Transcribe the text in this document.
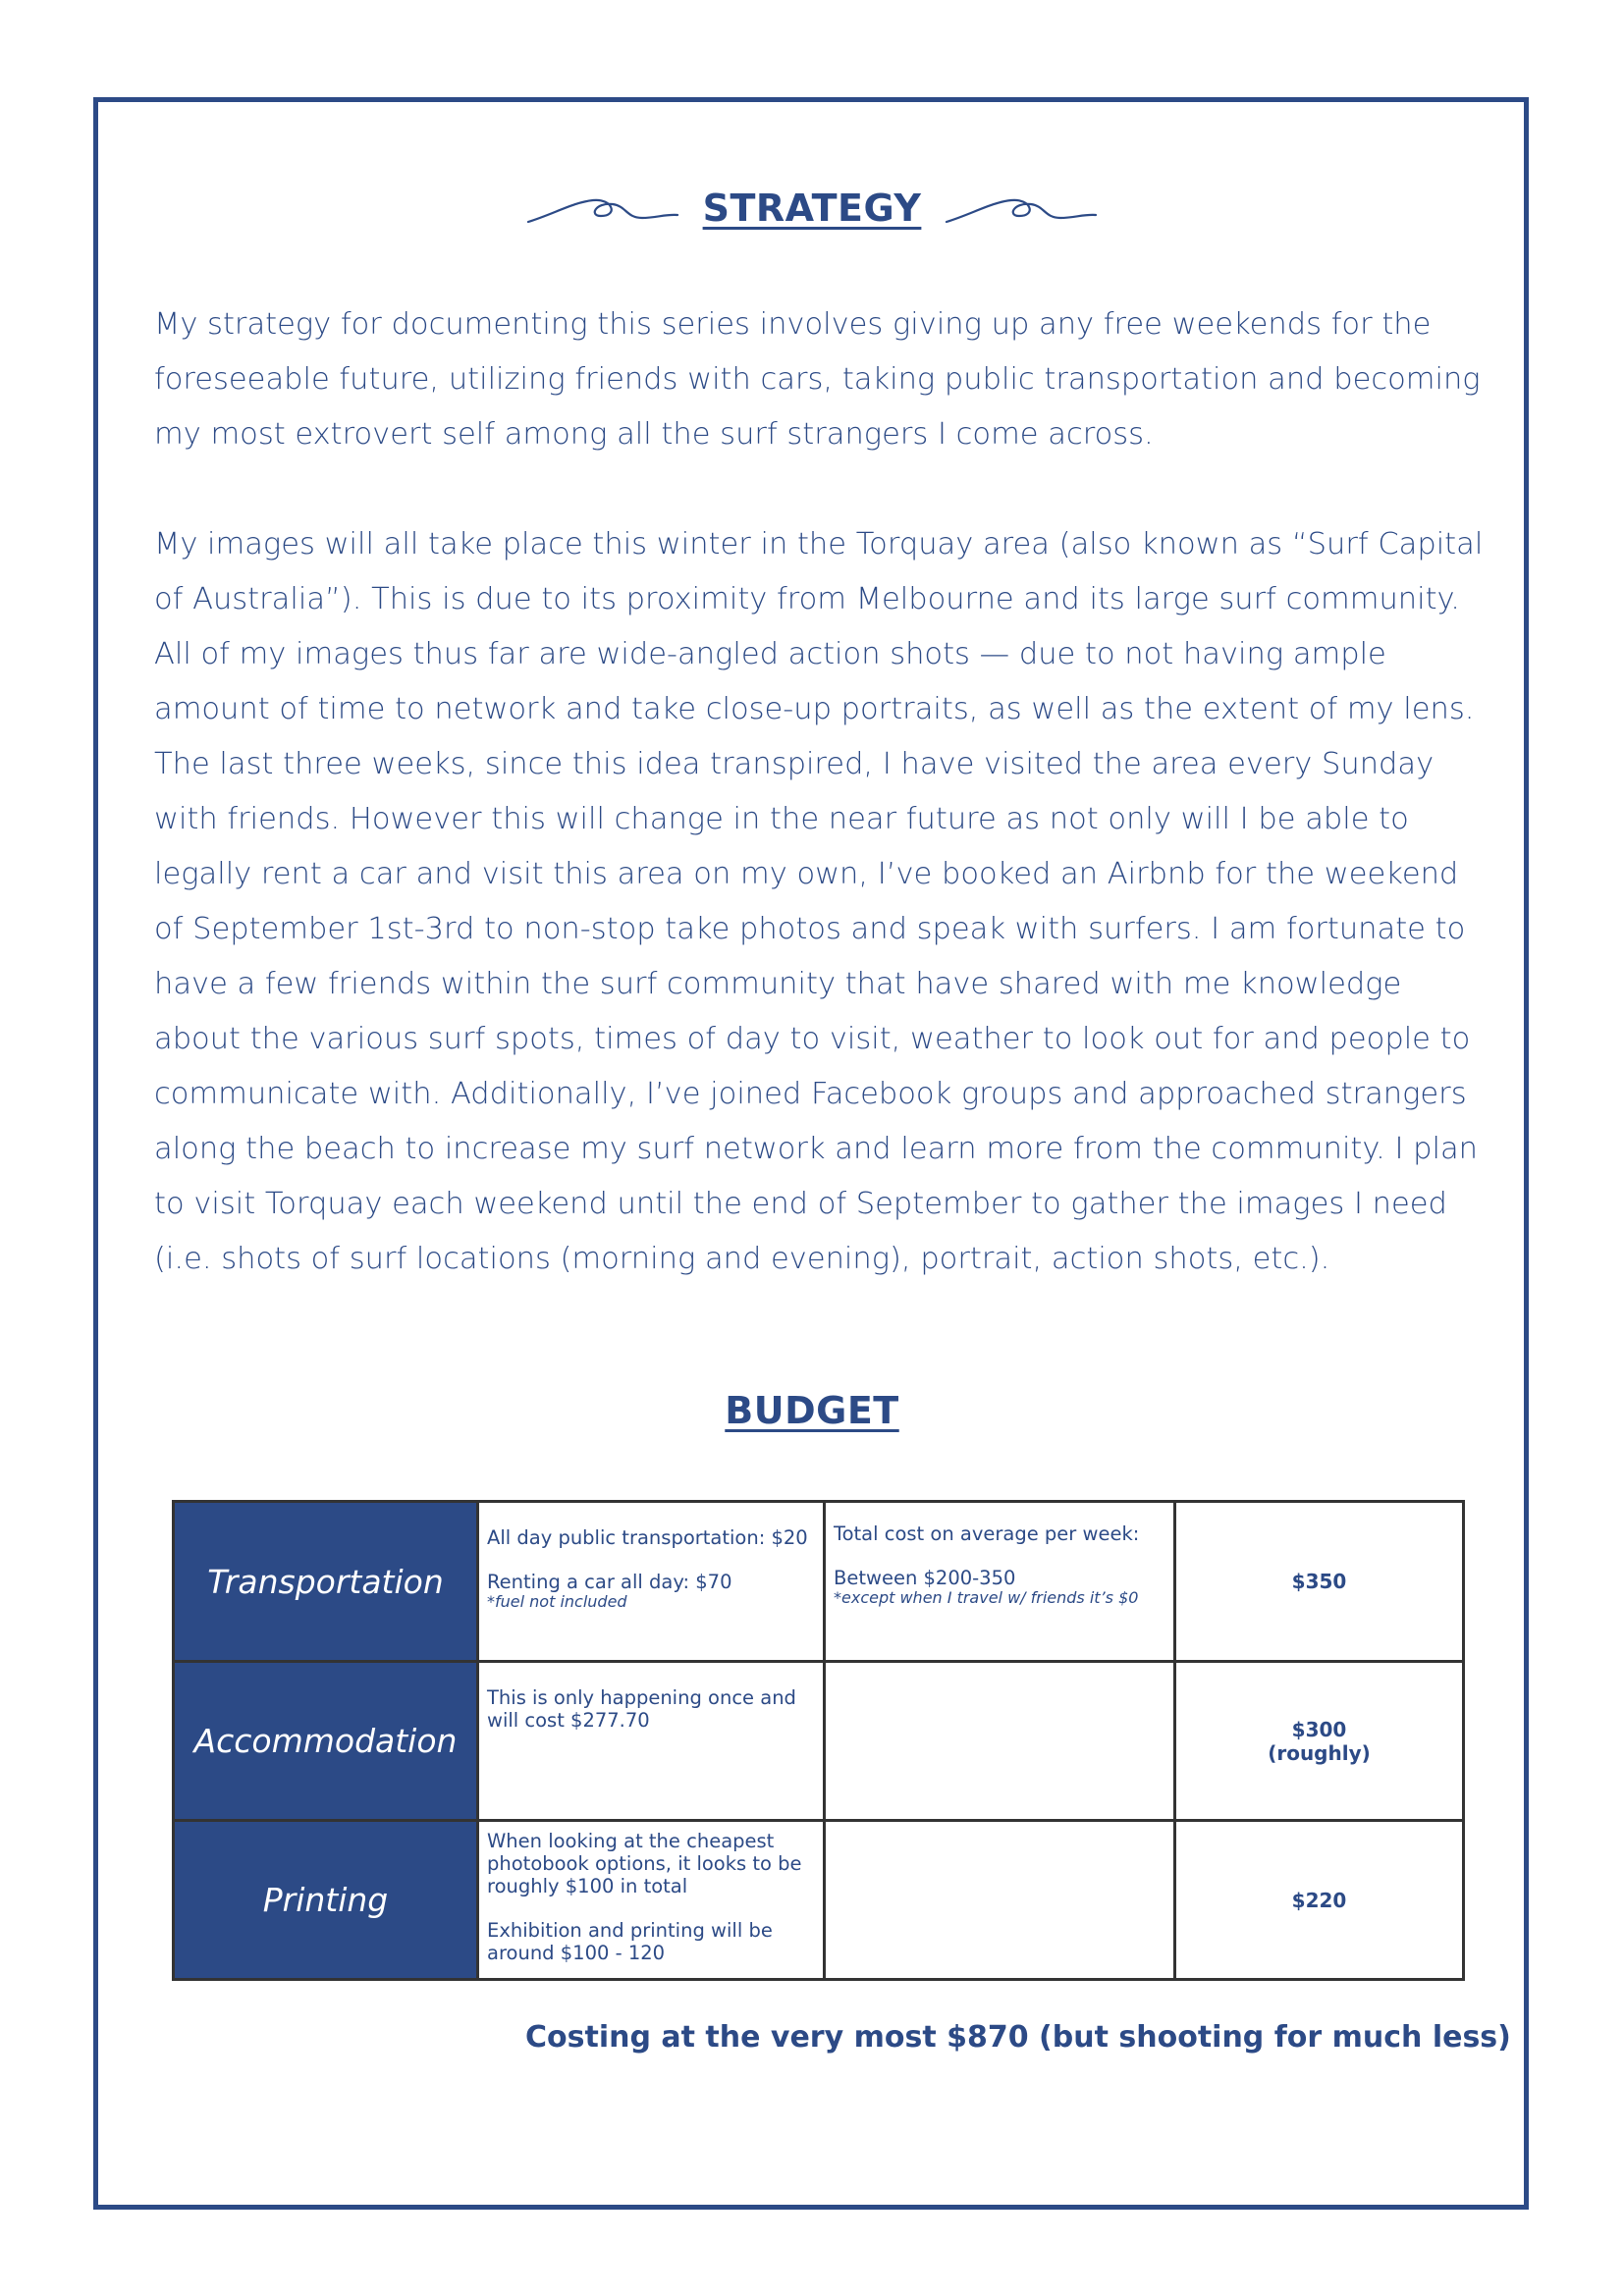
STRATEGY

My strategy for documenting this series involves giving up any free weekends for the foreseeable future, utilizing friends with cars, taking public transportation and becoming my most extrovert self among all the surf strangers I come across.

My images will all take place this winter in the Torquay area (also known as “Surf Capital of Australia”). This is due to its proximity from Melbourne and its large surf community. All of my images thus far are wide-angled action shots — due to not having ample amount of time to network and take close-up portraits, as well as the extent of my lens. The last three weeks, since this idea transpired, I have visited the area every Sunday with friends. However this will change in the near future as not only will I be able to legally rent a car and visit this area on my own, I’ve booked an Airbnb for the weekend of September 1st-3rd to non-stop take photos and speak with surfers. I am fortunate to have a few friends within the surf community that have shared with me knowledge about the various surf spots, times of day to visit, weather to look out for and people to communicate with. Additionally, I’ve joined Facebook groups and approached strangers along the beach to increase my surf network and learn more from the community. I plan to visit Torquay each weekend until the end of September to gather the images I need (i.e. shots of surf locations (morning and evening), portrait, action shots, etc.).

BUDGET
Transportation	All day public transportation: $20
Renting a car all day: $70
*fuel not included	Total cost on average per week:
Between $200-350
*except when I travel w/ friends it’s $0	$350
Accommodation	This is only happening once and will cost $277.70		$300
(roughly)
Printing	When looking at the cheapest photobook options, it looks to be roughly $100 in total
Exhibition and printing will be around $100 - 120		$220

Costing at the very most $870 (but shooting for much less)
